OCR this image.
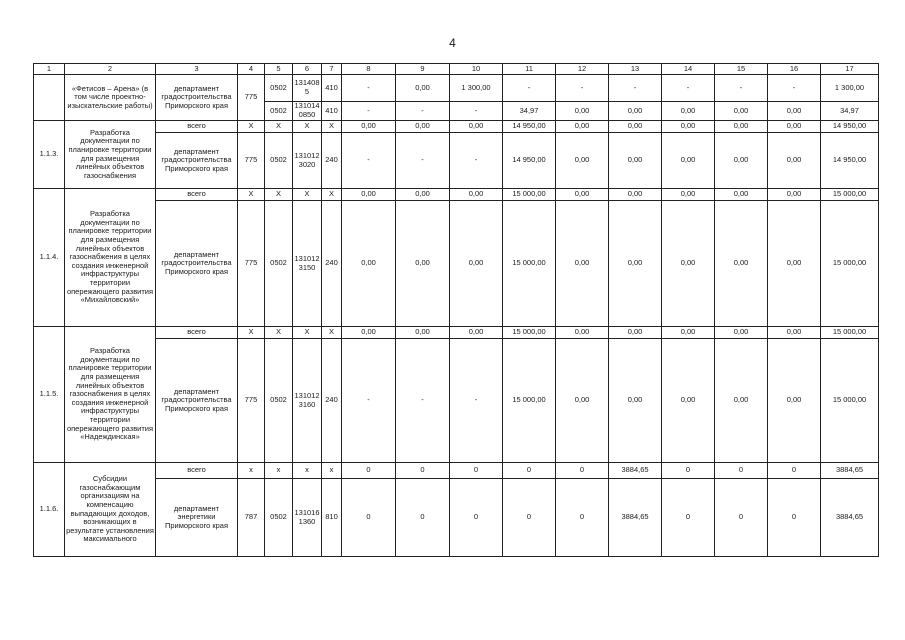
4
1	2	3	4	5	6	7	8	9	10	11	12	13	14	15	16	17
	«Фетисов – Арена» (в том числе проектно-изыскательские работы)	департамент градостроительства Приморского края	775	0502	1314085	410	-	0,00	1 300,00	-	-	-	-	-	-	1 300,00
				0502	1310140850	410	-	-	-	34,97	0,00	0,00	0,00	0,00	0,00	34,97
1.1.3.	Разработка документации по планировке территории для размещения линейных объектов газоснабжения	всего	X	X	X	X	0,00	0,00	0,00	14 950,00	0,00	0,00	0,00	0,00	0,00	14 950,00
		департамент градостроительства Приморского края	775	0502	1310123020	240	-	-	-	14 950,00	0,00	0,00	0,00	0,00	0,00	14 950,00
1.1.4.	Разработка документации по планировке территории для размещения линейных объектов газоснабжения в целях создания инженерной инфраструктуры территории опережающего развития «Михайловский»	всего	X	X	X	X	0,00	0,00	0,00	15 000,00	0,00	0,00	0,00	0,00	0,00	15 000,00
		департамент градостроительства Приморского края	775	0502	1310123150	240	0,00	0,00	0,00	15 000,00	0,00	0,00	0,00	0,00	0,00	15 000,00
1.1.5.	Разработка документации по планировке территории для размещения линейных объектов газоснабжения в целях создания инженерной инфраструктуры территории опережающего развития «Надеждинская»	всего	X	X	X	X	0,00	0,00	0,00	15 000,00	0,00	0,00	0,00	0,00	0,00	15 000,00
		департамент градостроительства Приморского края	775	0502	1310123160	240	-	-	-	15 000,00	0,00	0,00	0,00	0,00	0,00	15 000,00
1.1.6.	Субсидии газоснабжающим организациям на компенсацию выпадающих доходов, возникающих в результате установления максимального	всего	x	x	x	x	0	0	0	0	0	3884,65	0	0	0	3884,65
		департамент энергетики Приморского края	787	0502	1310161360	810	0	0	0	0	0	3884,65	0	0	0	3884,65
